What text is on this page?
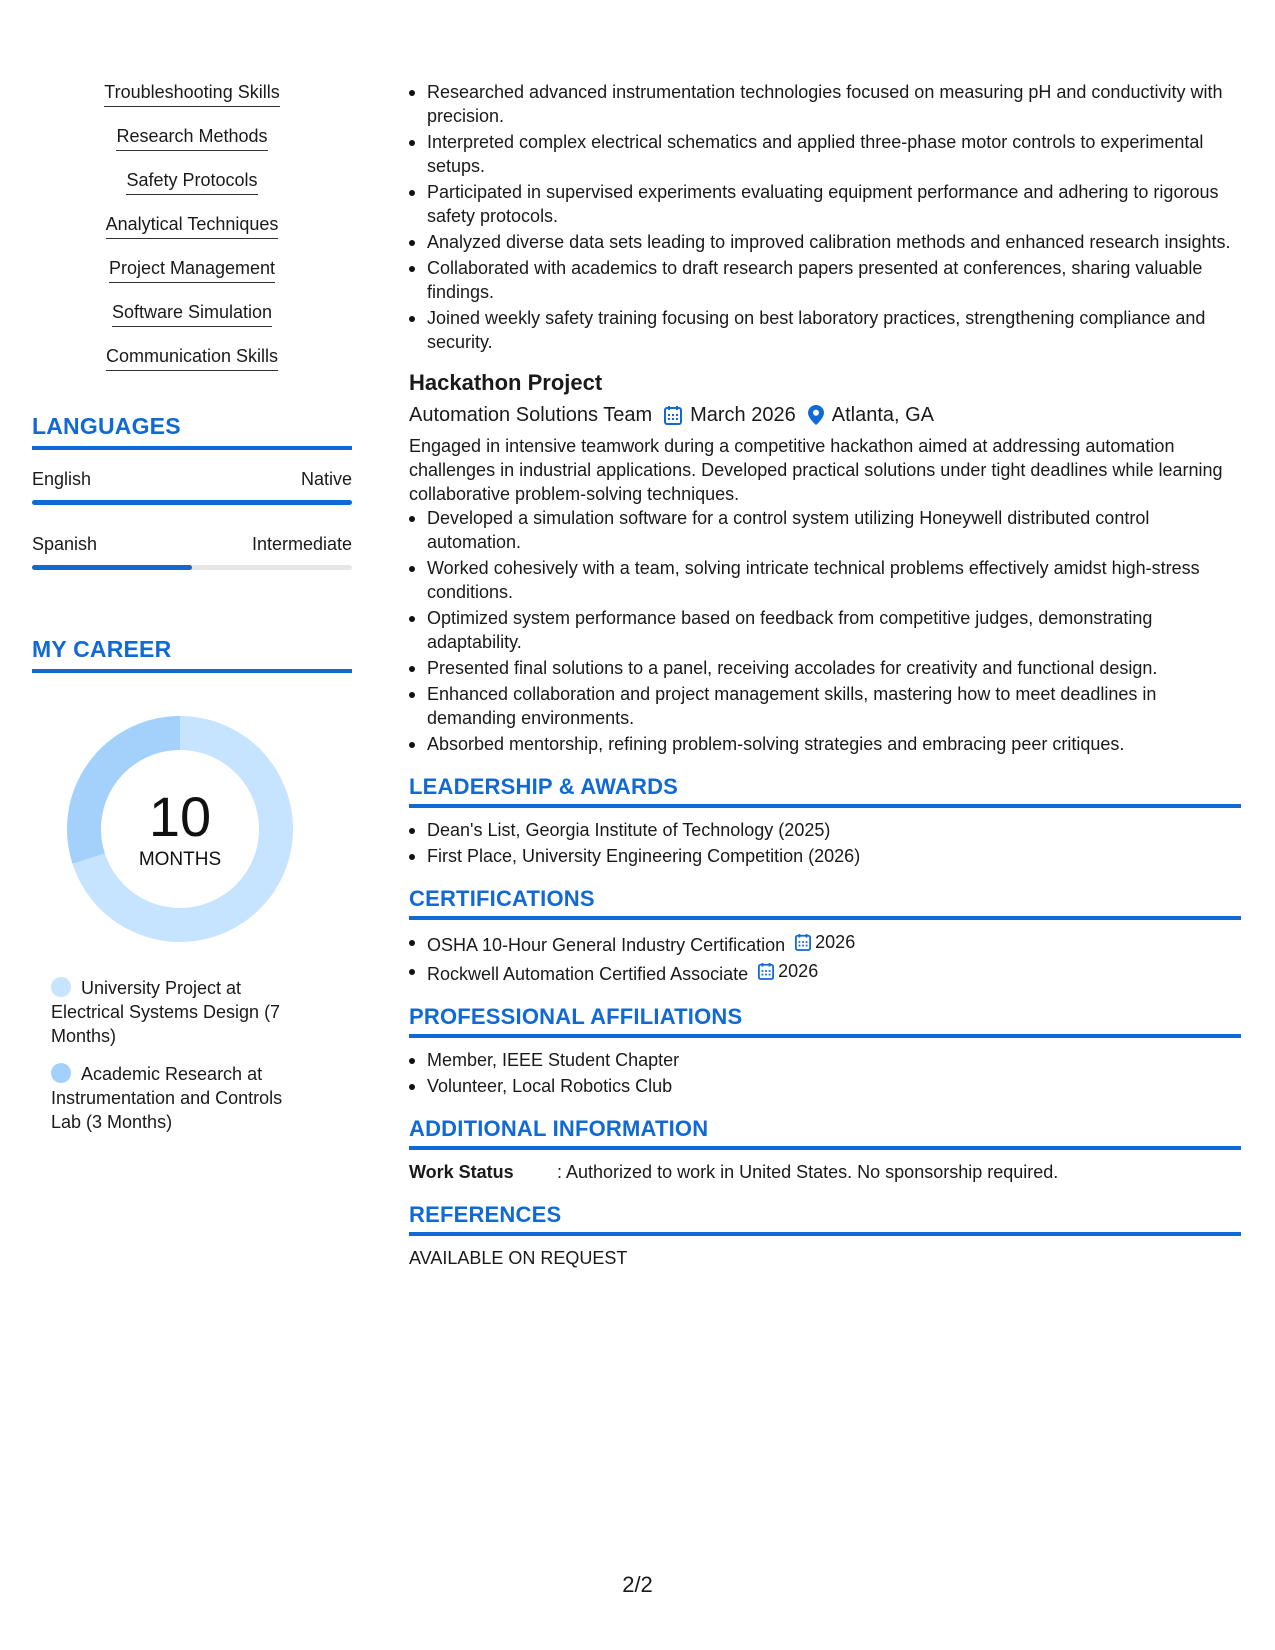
Troubleshooting Skills
Research Methods
Safety Protocols
Analytical Techniques
Project Management
Software Simulation
Communication Skills
LANGUAGES
English	Native
Spanish	Intermediate
MY CAREER
10
MONTHS
University Project at Electrical Systems Design (7 Months)
Academic Research at Instrumentation and Controls Lab (3 Months)
Researched advanced instrumentation technologies focused on measuring pH and conductivity with precision.
Interpreted complex electrical schematics and applied three-phase motor controls to experimental setups.
Participated in supervised experiments evaluating equipment performance and adhering to rigorous safety protocols.
Analyzed diverse data sets leading to improved calibration methods and enhanced research insights.
Collaborated with academics to draft research papers presented at conferences, sharing valuable findings.
Joined weekly safety training focusing on best laboratory practices, strengthening compliance and security.
Hackathon Project
Automation Solutions Team March 2026 Atlanta, GA
Engaged in intensive teamwork during a competitive hackathon aimed at addressing automation challenges in industrial applications. Developed practical solutions under tight deadlines while learning collaborative problem-solving techniques.
Developed a simulation software for a control system utilizing Honeywell distributed control automation.
Worked cohesively with a team, solving intricate technical problems effectively amidst high-stress conditions.
Optimized system performance based on feedback from competitive judges, demonstrating adaptability.
Presented final solutions to a panel, receiving accolades for creativity and functional design.
Enhanced collaboration and project management skills, mastering how to meet deadlines in demanding environments.
Absorbed mentorship, refining problem-solving strategies and embracing peer critiques.
LEADERSHIP & AWARDS
Dean's List, Georgia Institute of Technology (2025)
First Place, University Engineering Competition (2026)
CERTIFICATIONS
OSHA 10-Hour General Industry Certification 2026
Rockwell Automation Certified Associate 2026
PROFESSIONAL AFFILIATIONS
Member, IEEE Student Chapter
Volunteer, Local Robotics Club
ADDITIONAL INFORMATION
Work Status	: Authorized to work in United States. No sponsorship required.
REFERENCES
AVAILABLE ON REQUEST
2/2
